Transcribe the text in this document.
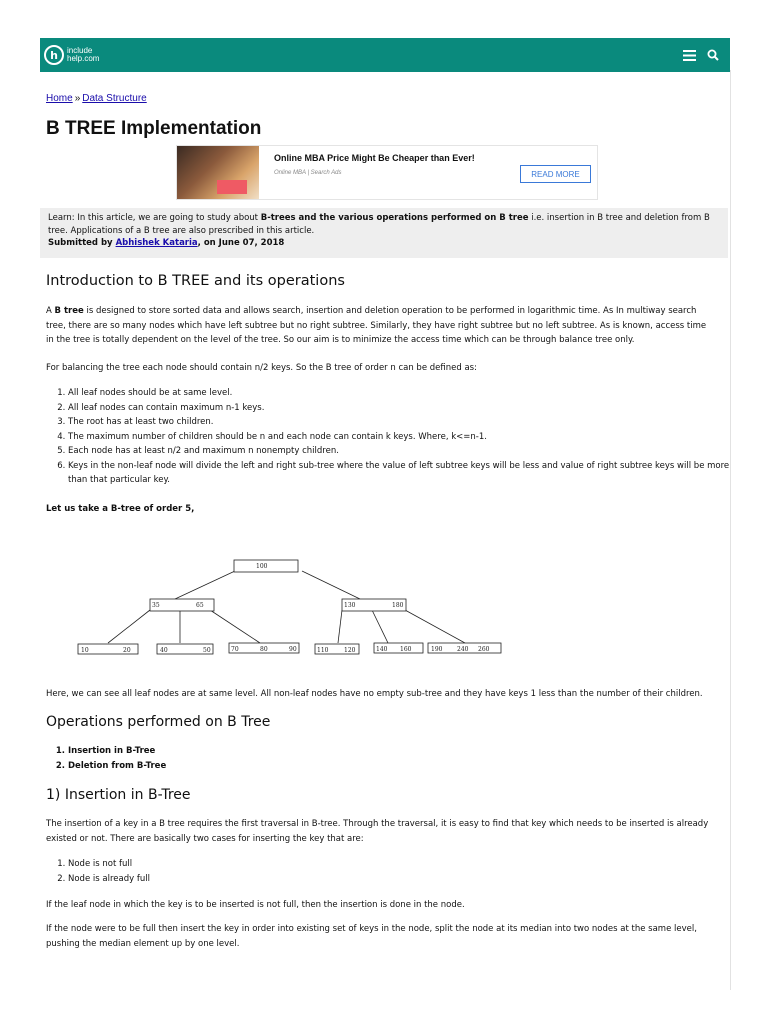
h	include
help.com
Home » Data Structure
B TREE Implementation
Online MBA Price Might Be Cheaper than Ever!
Online MBA | Search Ads	READ MORE
Learn: In this article, we are going to study about B-trees and the various operations performed on B tree i.e. insertion in B tree and deletion from B tree. Applications of a B tree are also prescribed in this article.
Submitted by Abhishek Kataria, on June 07, 2018
Introduction to B TREE and its operations

A B tree is designed to store sorted data and allows search, insertion and deletion operation to be performed in logarithmic time. As In multiway search tree, there are so many nodes which have left subtree but no right subtree. Similarly, they have right subtree but no left subtree. As is known, access time in the tree is totally dependent on the level of the tree. So our aim is to minimize the access time which can be through balance tree only.

For balancing the tree each node should contain n/2 keys. So the B tree of order n can be defined as:

1. All leaf nodes should be at same level.
2. All leaf nodes can contain maximum n-1 keys.
3. The root has at least two children.
4. The maximum number of children should be n and each node can contain k keys. Where, k<=n-1.
5. Each node has at least n/2 and maximum n nonempty children.
6. Keys in the non-leaf node will divide the left and right sub-tree where the value of left subtree keys will be less and value of right subtree keys will be more than that particular key.
Let us take a B-tree of order 5,
100
35	65	130	180
10	20	40	50	70	80	90	110	120	140 160	190 240 260

Here, we can see all leaf nodes are at same level. All non-leaf nodes have no empty sub-tree and they have keys 1 less than the number of their children.

Operations performed on B Tree
1. Insertion in B-Tree
2. Deletion from B-Tree
1) Insertion in B-Tree

The insertion of a key in a B tree requires the first traversal in B-tree. Through the traversal, it is easy to find that key which needs to be inserted is already existed or not. There are basically two cases for inserting the key that are:

1. Node is not full
2. Node is already full

If the leaf node in which the key is to be inserted is not full, then the insertion is done in the node.

If the node were to be full then insert the key in order into existing set of keys in the node, split the node at its median into two nodes at the same level, pushing the median element up by one level.
